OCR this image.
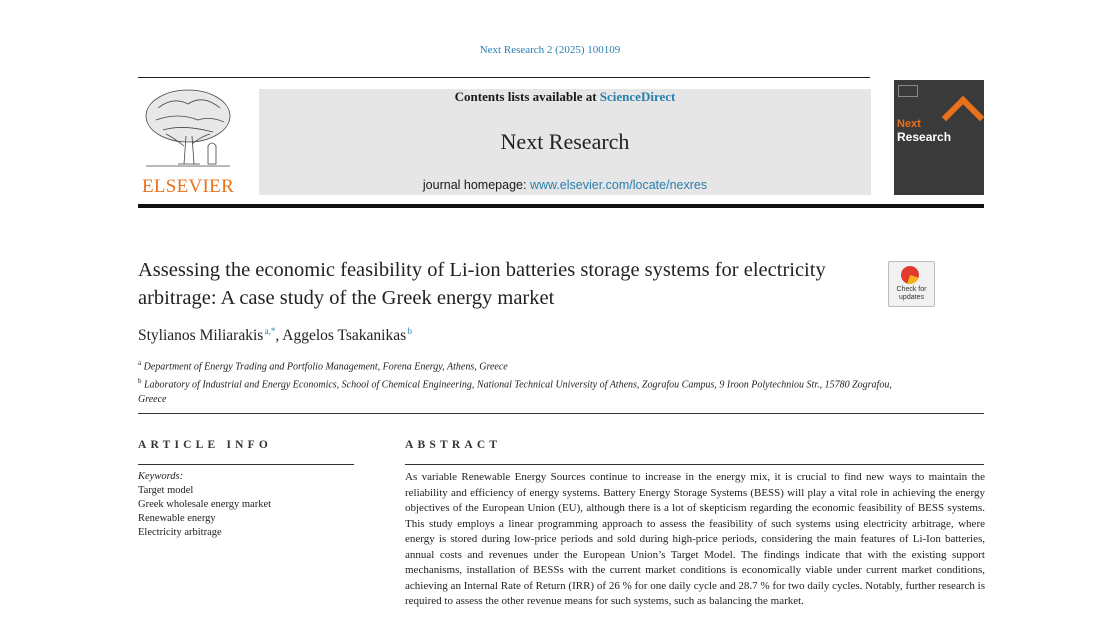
Next Research 2 (2025) 100109
ELSEVIER
Contents lists available at ScienceDirect
Next Research
journal homepage: www.elsevier.com/locate/nexres
Next
Research
Assessing the economic feasibility of Li-ion batteries storage systems for electricity arbitrage: A case study of the Greek energy market	Check for
updates
Stylianos Miliarakis $^{a,*}$, Aggelos Tsakanikas $^b$
$^a$ Department of Energy Trading and Portfolio Management, Forena Energy, Athens, Greece
$^b$ Laboratory of Industrial and Energy Economics, School of Chemical Engineering, National Technical University of Athens, Zografou Campus, 9 Iroon Polytechniou Str., 15780 Zografou, Greece
ARTICLE INFO	ABSTRACT
Keywords:
Target model
Greek wholesale energy market
Renewable energy
Electricity arbitrage

As variable Renewable Energy Sources continue to increase in the energy mix, it is crucial to find new ways to maintain the reliability and efficiency of energy systems. Battery Energy Storage Systems (BESS) will play a vital role in achieving the energy objectives of the European Union (EU), although there is a lot of skepticism regarding the economic feasibility of BESS systems. This study employs a linear programming approach to assess the feasibility of such systems using electricity arbitrage, where energy is stored during low-price periods and sold during high-price periods, considering the main features of Li-Ion batteries, annual costs and revenues under the European Union’s Target Model. The findings indicate that with the existing support mechanisms, installation of BESSs with the current market conditions is economically viable under current market conditions, achieving an Internal Rate of Return (IRR) of 26 % for one daily cycle and 28.7 % for two daily cycles. Notably, further research is required to assess the other revenue means for such systems, such as balancing the market.
